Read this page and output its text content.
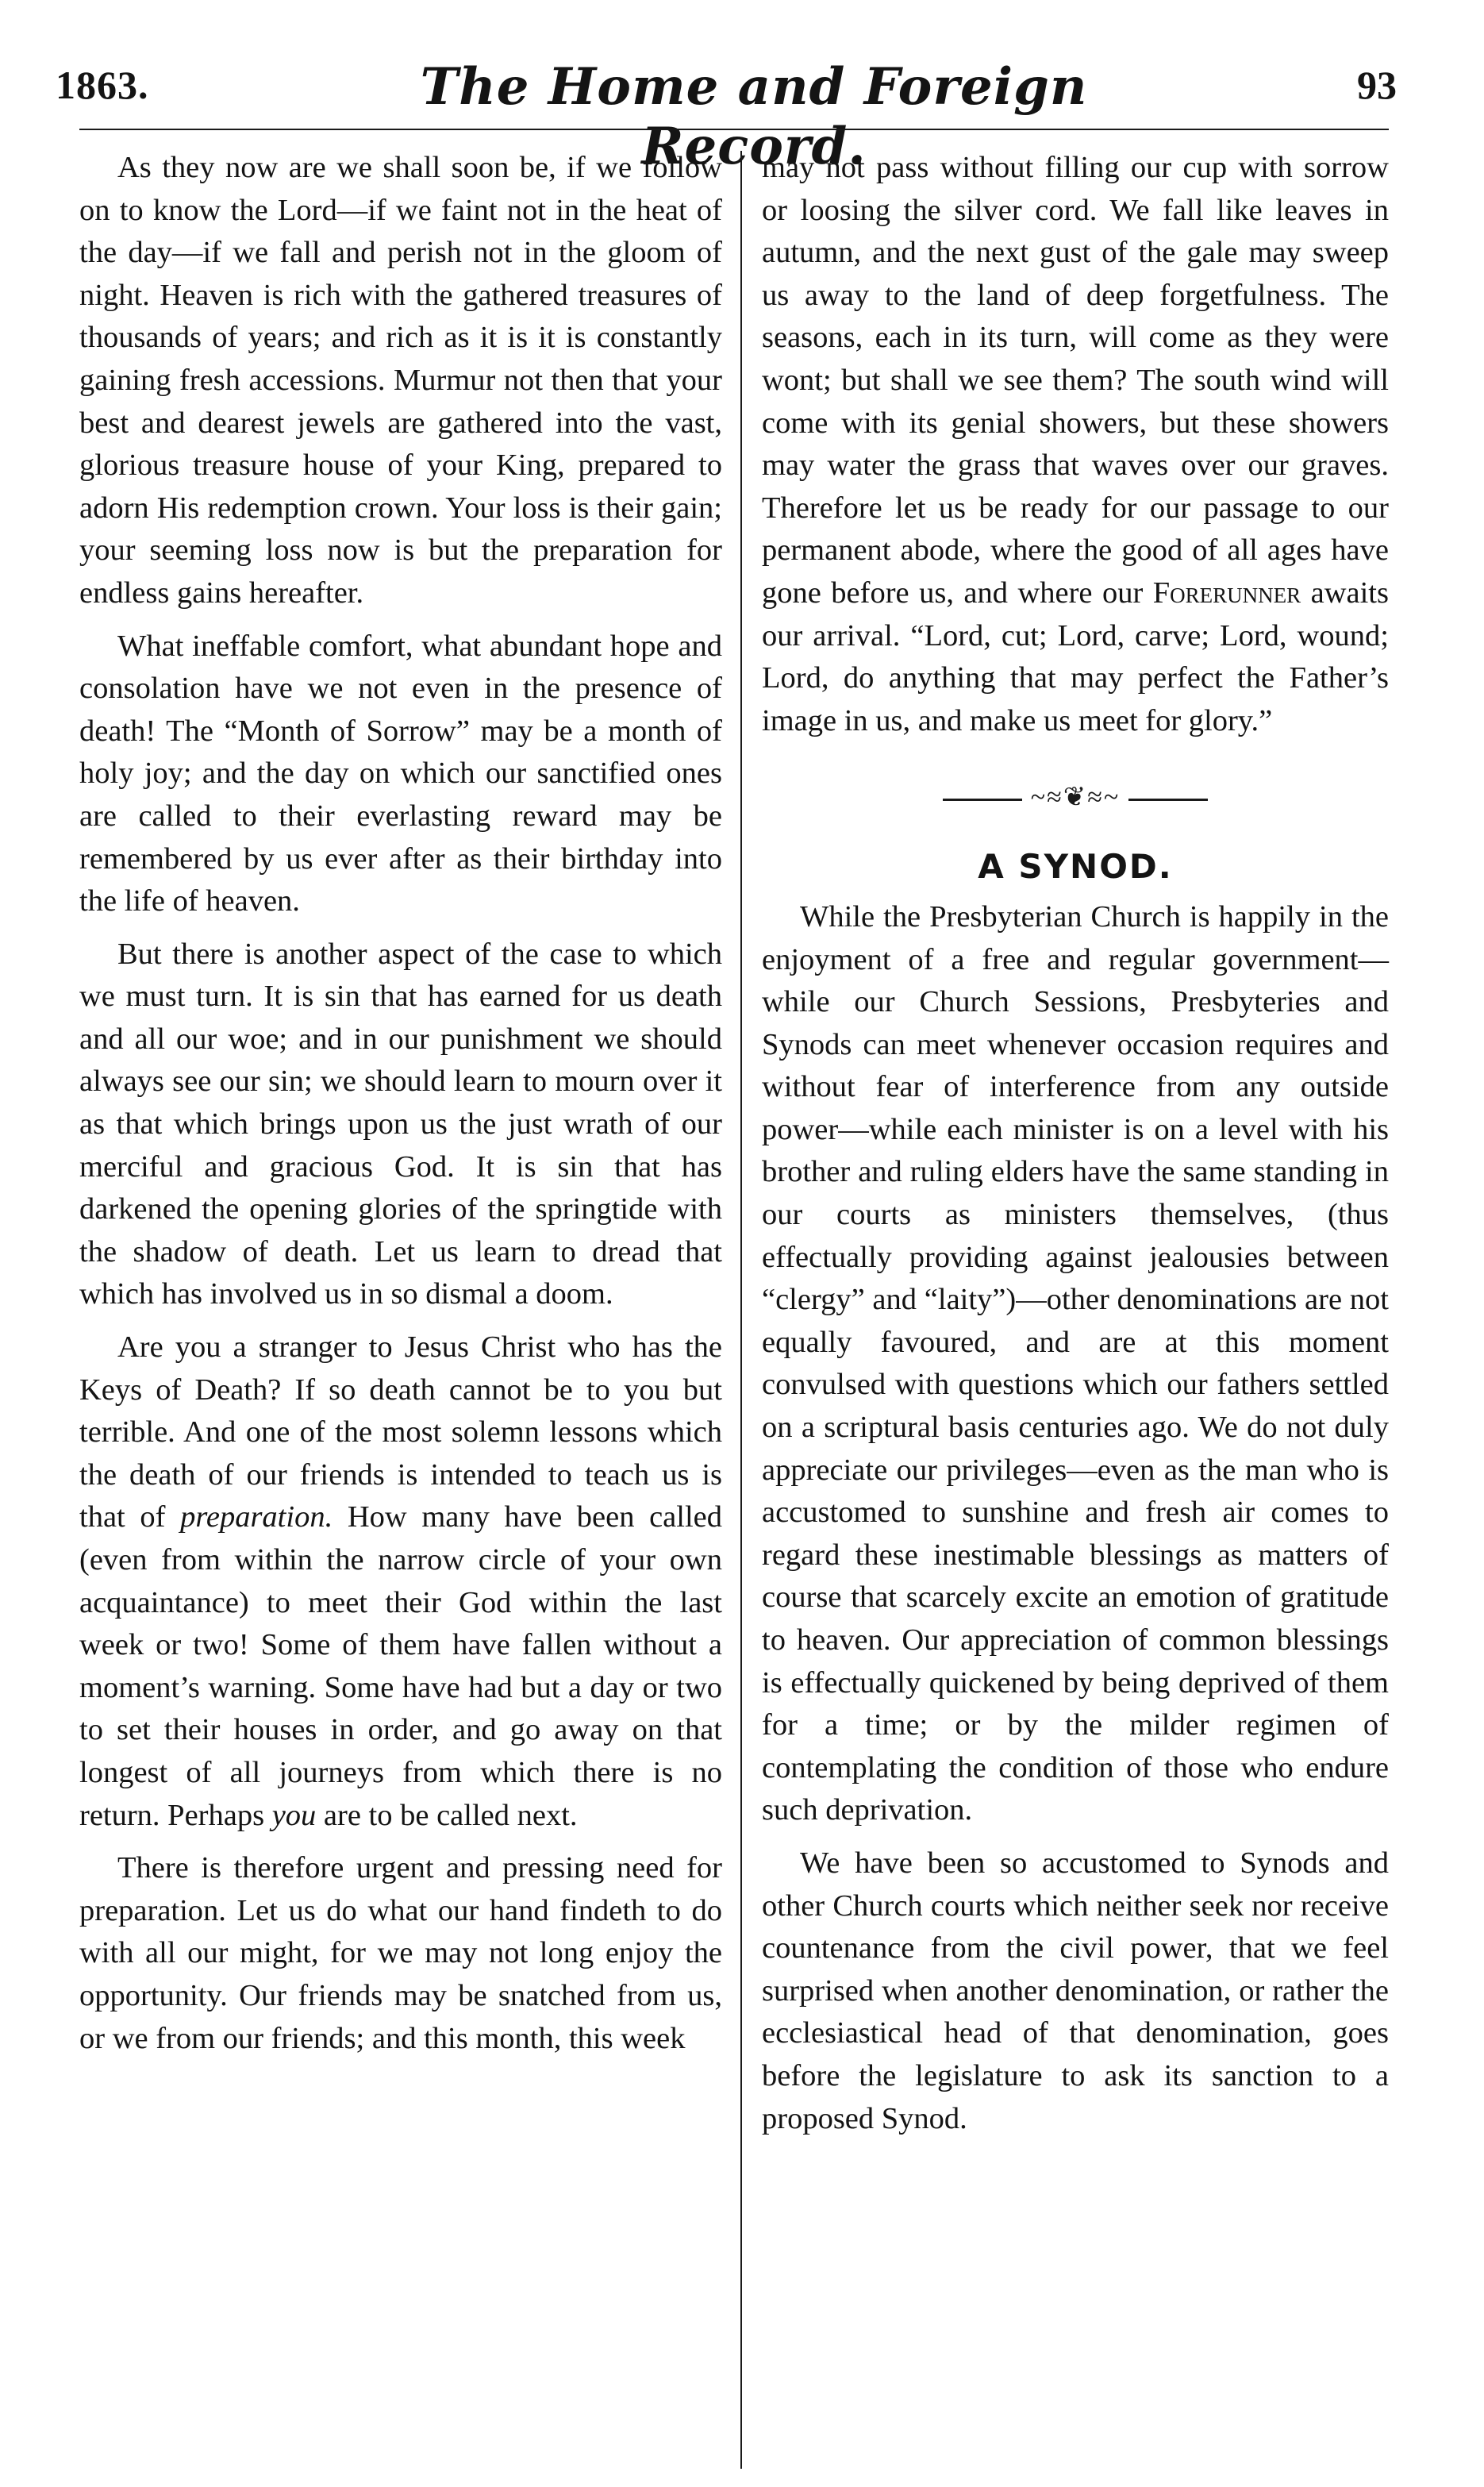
1863.	The Home and Foreign Record.
93

As they now are we shall soon be, if we follow on to know the Lord—if we faint not in the heat of the day—if we fall and perish not in the gloom of night. Heaven is rich with the gathered treasures of thousands of years; and rich as it is it is constantly gaining fresh accessions. Murmur not then that your best and dearest jewels are gathered into the vast, glorious treasure house of your King, prepared to adorn His redemption crown. Your loss is their gain; your seeming loss now is but the preparation for endless gains hereafter.

What ineffable comfort, what abundant hope and consolation have we not even in the presence of death! The “Month of Sorrow” may be a month of holy joy; and the day on which our sanctified ones are called to their everlasting reward may be remembered by us ever after as their birthday into the life of heaven.

But there is another aspect of the case to which we must turn. It is sin that has earned for us death and all our woe; and in our punishment we should always see our sin; we should learn to mourn over it as that which brings upon us the just wrath of our merciful and gracious God. It is sin that has darkened the opening glories of the springtide with the shadow of death. Let us learn to dread that which has involved us in so dismal a doom.

Are you a stranger to Jesus Christ who has the Keys of Death? If so death cannot be to you but terrible. And one of the most solemn lessons which the death of our friends is intended to teach us is that of preparation. How many have been called (even from within the narrow circle of your own acquaintance) to meet their God within the last week or two! Some of them have fallen without a moment’s warning. Some have had but a day or two to set their houses in order, and go away on that longest of all journeys from which there is no return. Perhaps you are to be called next.

There is therefore urgent and pressing need for preparation. Let us do what our hand findeth to do with all our might, for we may not long enjoy the opportunity. Our friends may be snatched from us, or we from our friends; and this month, this week

may not pass without filling our cup with sorrow or loosing the silver cord. We fall like leaves in autumn, and the next gust of the gale may sweep us away to the land of deep forgetfulness. The seasons, each in its turn, will come as they were wont; but shall we see them? The south wind will come with its genial showers, but these showers may water the grass that waves over our graves. Therefore let us be ready for our passage to our permanent abode, where the good of all ages have gone before us, and where our Forerunner awaits our arrival. “Lord, cut; Lord, carve; Lord, wound; Lord, do anything that may perfect the Father’s image in us, and make us meet for glory.”

~≈❦≈~
A SYNOD.

While the Presbyterian Church is happily in the enjoyment of a free and regular government—while our Church Sessions, Presbyteries and Synods can meet whenever occasion requires and without fear of interference from any outside power—while each minister is on a level with his brother and ruling elders have the same standing in our courts as ministers themselves, (thus effectually providing against jealousies between “clergy” and “laity”)—other denominations are not equally favoured, and are at this moment convulsed with questions which our fathers settled on a scriptural basis centuries ago. We do not duly appreciate our privileges—even as the man who is accustomed to sunshine and fresh air comes to regard these inestimable blessings as matters of course that scarcely excite an emotion of gratitude to heaven. Our appreciation of common blessings is effectually quickened by being deprived of them for a time; or by the milder regimen of contemplating the condition of those who endure such deprivation.

We have been so accustomed to Synods and other Church courts which neither seek nor receive countenance from the civil power, that we feel surprised when another denomination, or rather the ecclesiastical head of that denomination, goes before the legislature to ask its sanction to a proposed Synod.
